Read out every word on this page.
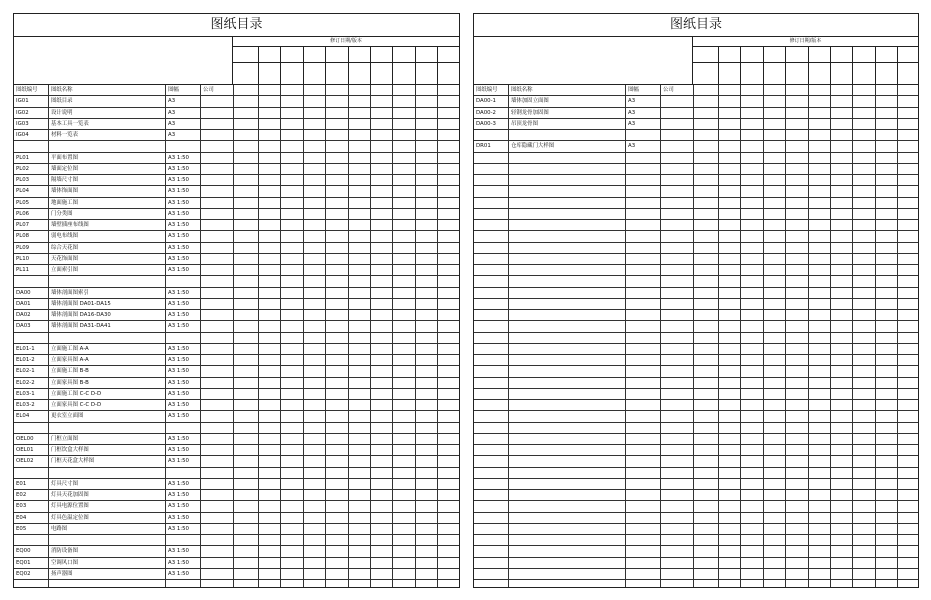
图纸目录
修订日期/版本
图纸编号	图纸名称	图幅	公司
IG01	图纸目录	A3
IG02	设计说明	A3
IG03	基本工具一览表	A3
IG04	材料一览表	A3
PL01	平面布置图	A3 1:50
PL02	墙面定位图	A3 1:50
PL03	隔墙尺寸图	A3 1:50
PL04	墙体饰面图	A3 1:50
PL05	地面施工图	A3 1:50
PL06	门分类图	A3 1:50
PL07	墙壁插座布线图	A3 1:50
PL08	弱电布线图	A3 1:50
PL09	综合天花图	A3 1:50
PL10	天花饰面图	A3 1:50
PL11	立面索引图	A3 1:50
DA00	墙体剖面图索引	A3 1:50
DA01	墙体剖面图 DA01-DA15	A3 1:50
DA02	墙体剖面图 DA16-DA30	A3 1:50
DA03	墙体剖面图 DA31-DA41	A3 1:50
EL01-1	立面施工图 A-A	A3 1:50
EL01-2	立面家具图 A-A	A3 1:50
EL02-1	立面施工图 B-B	A3 1:50
EL02-2	立面家具图 B-B	A3 1:50
EL03-1	立面施工图 C-C D-D	A3 1:50
EL03-2	立面家具图 C-C D-D	A3 1:50
EL04	更衣室立面图	A3 1:50
OEL00	门框立面图	A3 1:50
OEL01	门框饮盒大样图	A3 1:50
OEL02	门框天花盒大样图	A3 1:50
E01	灯具尺寸图	A3 1:50
E02	灯具天花加固图	A3 1:50
E03	灯具电源位置图	A3 1:50
E04	灯具色温定位图	A3 1:50
E05	电路图	A3 1:50
EQ00	消防设备图	A3 1:50
EQ01	空调风口图	A3 1:50
EQ02	扬声器图	A3 1:50
图纸目录
修订日期/版本
图纸编号	图纸名称	图幅	公司
DA00-1	墙体加固立面图	A3
DA00-2	轻钢龙骨加固图	A3
DA00-3	吊顶龙骨图	A3
DR01	仓库隐藏门大样图	A3
